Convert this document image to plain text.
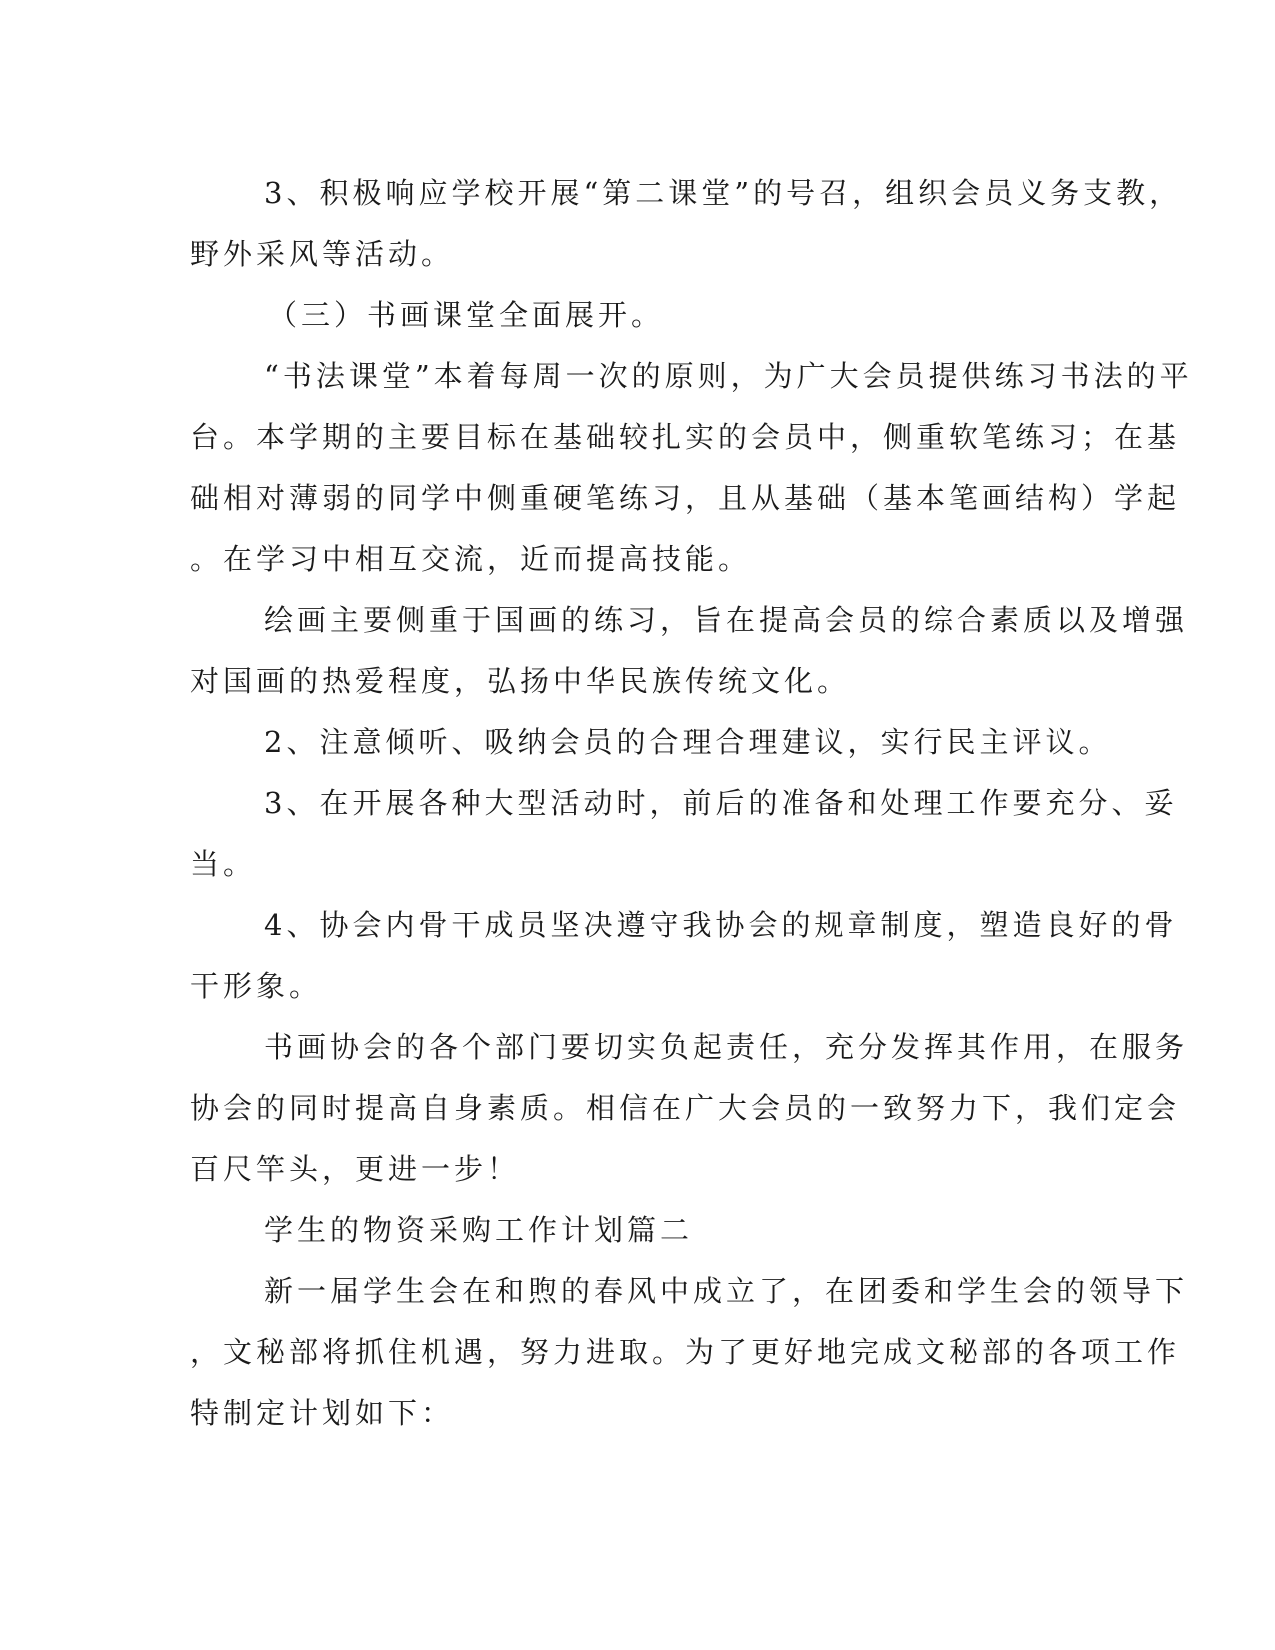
3、积极响应学校开展“第二课堂”的号召，组织会员义务支教，
野外采风等活动。
（三）书画课堂全面展开。
“书法课堂”本着每周一次的原则，为广大会员提供练习书法的平
台。本学期的主要目标在基础较扎实的会员中，侧重软笔练习；在基
础相对薄弱的同学中侧重硬笔练习，且从基础（基本笔画结构）学起
。在学习中相互交流，近而提高技能。
绘画主要侧重于国画的练习，旨在提高会员的综合素质以及增强
对国画的热爱程度，弘扬中华民族传统文化。
2、注意倾听、吸纳会员的合理合理建议，实行民主评议。
3、在开展各种大型活动时，前后的准备和处理工作要充分、妥
当。
4、协会内骨干成员坚决遵守我协会的规章制度，塑造良好的骨
干形象。
书画协会的各个部门要切实负起责任，充分发挥其作用，在服务
协会的同时提高自身素质。相信在广大会员的一致努力下，我们定会
百尺竿头，更进一步！
学生的物资采购工作计划篇二
新一届学生会在和煦的春风中成立了，在团委和学生会的领导下
，文秘部将抓住机遇，努力进取。为了更好地完成文秘部的各项工作
特制定计划如下：
